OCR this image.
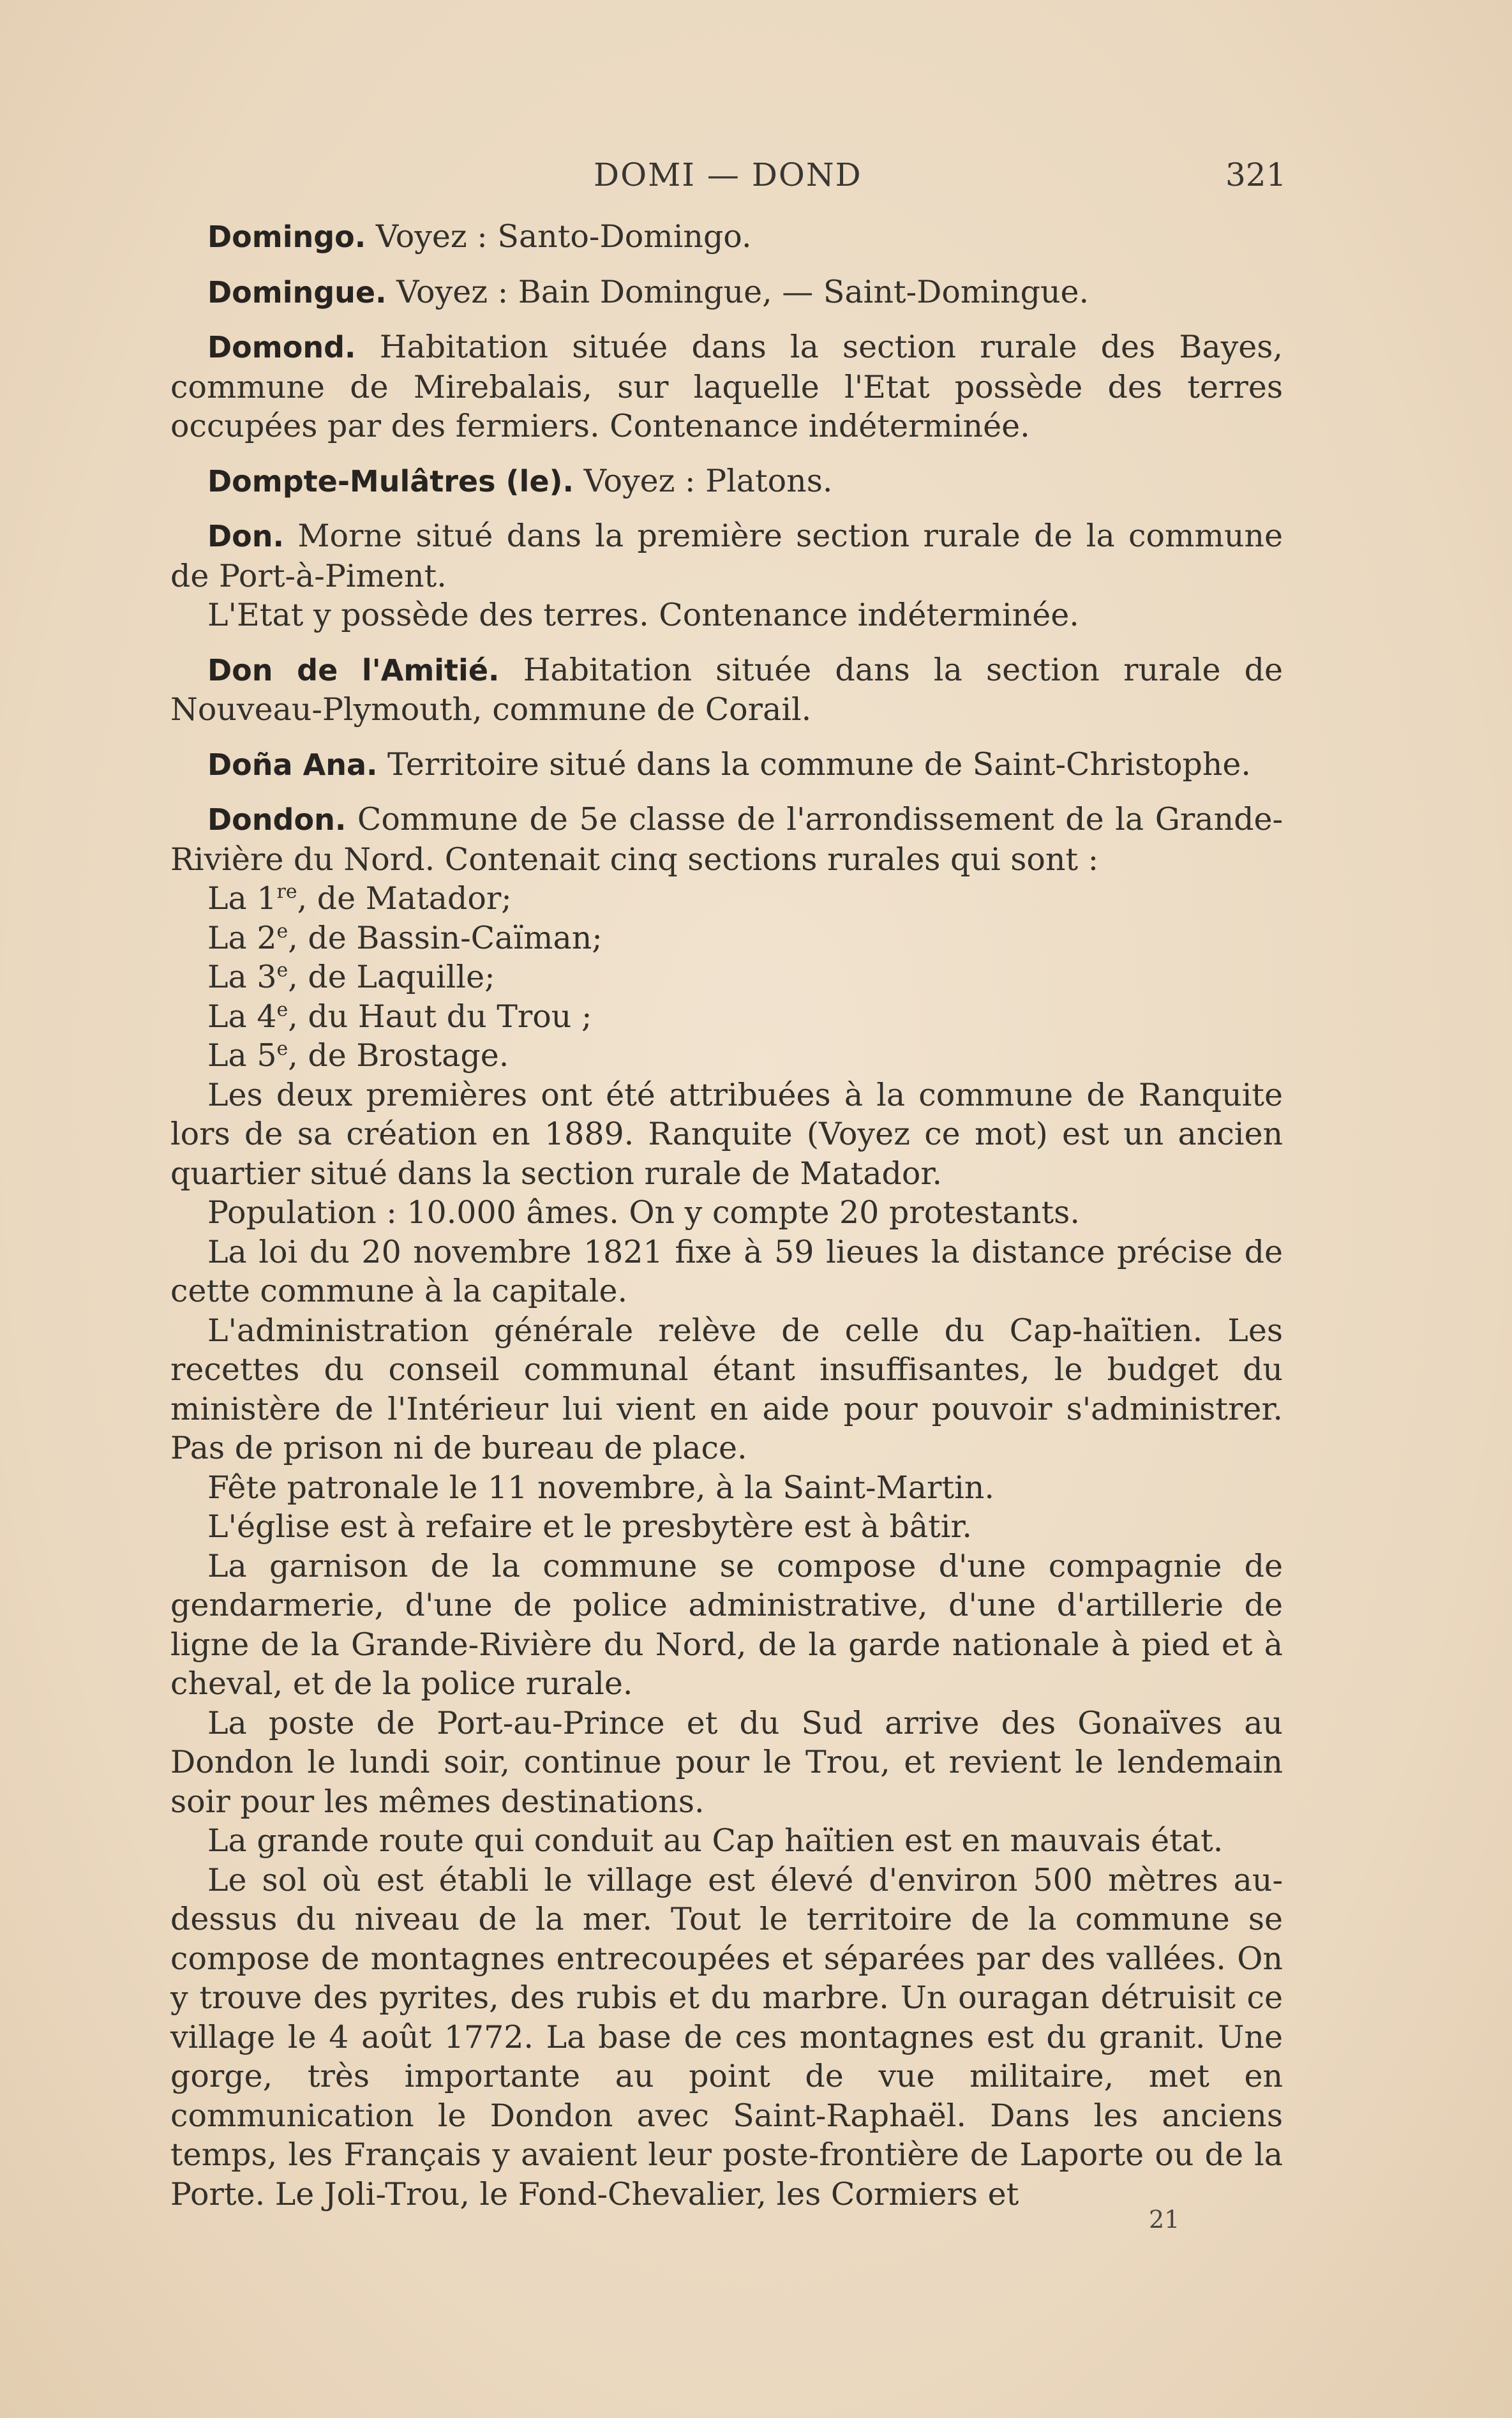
DOMI — DOND	321

Domingo. Voyez : Santo-Domingo.

Domingue. Voyez : Bain Domingue, — Saint-Domingue.

Domond. Habitation située dans la section rurale des Bayes, commune de Mirebalais, sur laquelle l'Etat possède des terres occupées par des fermiers. Contenance indéterminée.

Dompte-Mulâtres (le). Voyez : Platons.

Don. Morne situé dans la première section rurale de la commune de Port-à-Piment.

L'Etat y possède des terres. Contenance indéterminée.

Don de l'Amitié. Habitation située dans la section rurale de Nouveau-Plymouth, commune de Corail.

Doña Ana. Territoire situé dans la commune de Saint-Christophe.

Dondon. Commune de 5e classe de l'arrondissement de la Grande-Rivière du Nord. Contenait cinq sections rurales qui sont :

La 1re, de Matador;
La 2e, de Bassin-Caïman;
La 3e, de Laquille;
La 4e, du Haut du Trou ;
La 5e, de Brostage.

Les deux premières ont été attribuées à la commune de Ranquite lors de sa création en 1889. Ranquite (Voyez ce mot) est un ancien quartier situé dans la section rurale de Matador.

Population : 10.000 âmes. On y compte 20 protestants.

La loi du 20 novembre 1821 fixe à 59 lieues la distance précise de cette commune à la capitale.

L'administration générale relève de celle du Cap-haïtien. Les recettes du conseil communal étant insuffisantes, le budget du ministère de l'Intérieur lui vient en aide pour pouvoir s'administrer. Pas de prison ni de bureau de place.

Fête patronale le 11 novembre, à la Saint-Martin.

L'église est à refaire et le presbytère est à bâtir.

La garnison de la commune se compose d'une compagnie de gendarmerie, d'une de police administrative, d'une d'artillerie de ligne de la Grande-Rivière du Nord, de la garde nationale à pied et à cheval, et de la police rurale.

La poste de Port-au-Prince et du Sud arrive des Gonaïves au Dondon le lundi soir, continue pour le Trou, et revient le lendemain soir pour les mêmes destinations.

La grande route qui conduit au Cap haïtien est en mauvais état.

Le sol où est établi le village est élevé d'environ 500 mètres au-dessus du niveau de la mer. Tout le territoire de la commune se compose de montagnes entrecoupées et séparées par des vallées. On y trouve des pyrites, des rubis et du marbre. Un ouragan détruisit ce village le 4 août 1772. La base de ces montagnes est du granit. Une gorge, très importante au point de vue militaire, met en communication le Dondon avec Saint-Raphaël. Dans les anciens temps, les Français y avaient leur poste-frontière de Laporte ou de la Porte. Le Joli-Trou, le Fond-Chevalier, les Cormiers et

21
